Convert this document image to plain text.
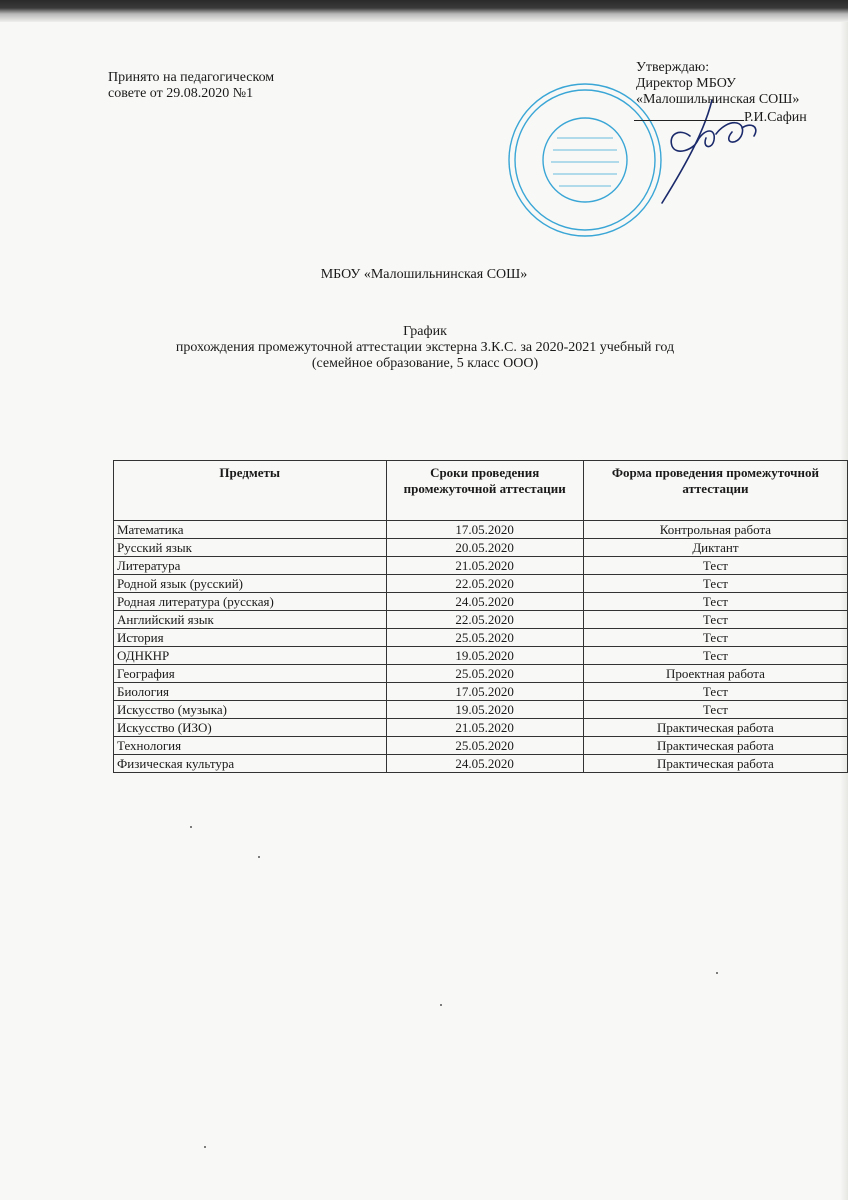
Принято на педагогическом
совете от 29.08.2020 №1
Утверждаю:
Директор МБОУ
«Малошильнинская СОШ»
Р.И.Сафин
МБОУ «Малошильнинская СОШ»
График
прохождения промежуточной аттестации экстерна З.К.С. за 2020-2021 учебный год
(семейное образование, 5 класс ООО)
Предметы	Сроки проведения промежуточной аттестации	Форма проведения промежуточной аттестации
Математика	17.05.2020	Контрольная работа
Русский язык	20.05.2020	Диктант
Литература	21.05.2020	Тест
Родной язык (русский)	22.05.2020	Тест
Родная литература (русская)	24.05.2020	Тест
Английский язык	22.05.2020	Тест
История	25.05.2020	Тест
ОДНКНР	19.05.2020	Тест
География	25.05.2020	Проектная работа
Биология	17.05.2020	Тест
Искусство (музыка)	19.05.2020	Тест
Искусство (ИЗО)	21.05.2020	Практическая работа
Технология	25.05.2020	Практическая работа
Физическая культура	24.05.2020	Практическая работа
